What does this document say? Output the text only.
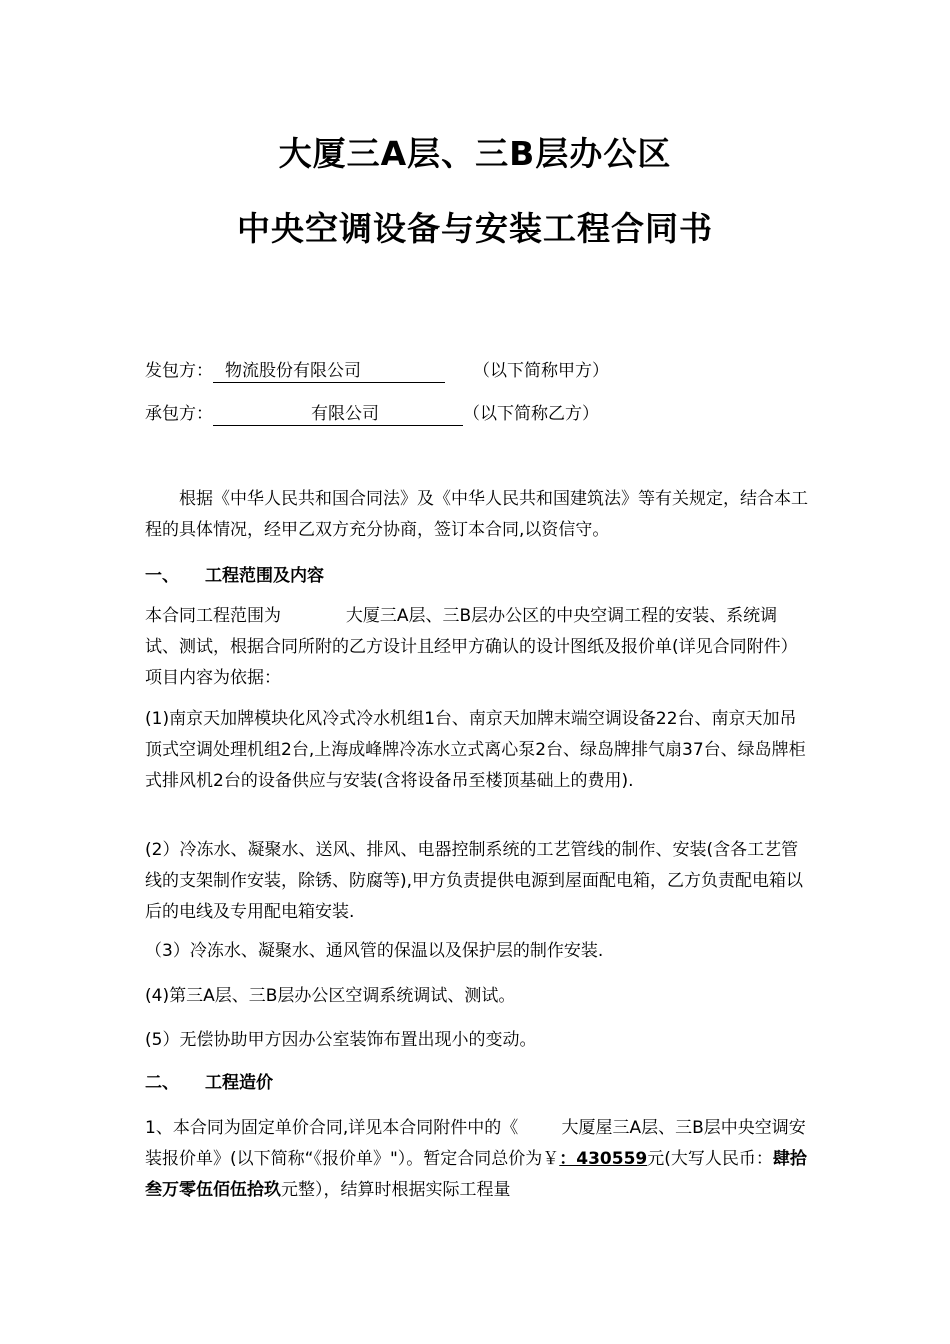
大厦三A层、三B层办公区
中央空调设备与安装工程合同书
发包方： 物流股份有限公司	（以下简称甲方）
承包方：	有限公司	（以下简称乙方）
根据《中华人民共和国合同法》及《中华人民共和国建筑法》等有关规定，结合本工程的具体情况，经甲乙双方充分协商，签订本合同,以资信守。
一、 工程范围及内容
本合同工程范围为            大厦三A层、三B层办公区的中央空调工程的安装、系统调试、测试，根据合同所附的乙方设计且经甲方确认的设计图纸及报价单(详见合同附件）项目内容为依据：
(1)南京天加牌模块化风冷式冷水机组1台、南京天加牌末端空调设备22台、南京天加吊顶式空调处理机组2台,上海成峰牌冷冻水立式离心泵2台、绿岛牌排气扇37台、绿岛牌柜式排风机2台的设备供应与安装(含将设备吊至楼顶基础上的费用).
(2）冷冻水、凝聚水、送风、排风、电器控制系统的工艺管线的制作、安装(含各工艺管线的支架制作安装，除锈、防腐等),甲方负责提供电源到屋面配电箱，乙方负责配电箱以后的电线及专用配电箱安装.
（3）冷冻水、凝聚水、通风管的保温以及保护层的制作安装.
(4)第三A层、三B层办公区空调系统调试、测试。
(5）无偿协助甲方因办公室装饰布置出现小的变动。
二、 工程造价
1、本合同为固定单价合同,详见本合同附件中的《        大厦屋三A层、三B层中央空调安装报价单》(以下简称“《报价单》"）。暂定合同总价为￥：430559元(大写人民币：肆拾叁万零伍佰伍拾玖元整），结算时根据实际工程量
